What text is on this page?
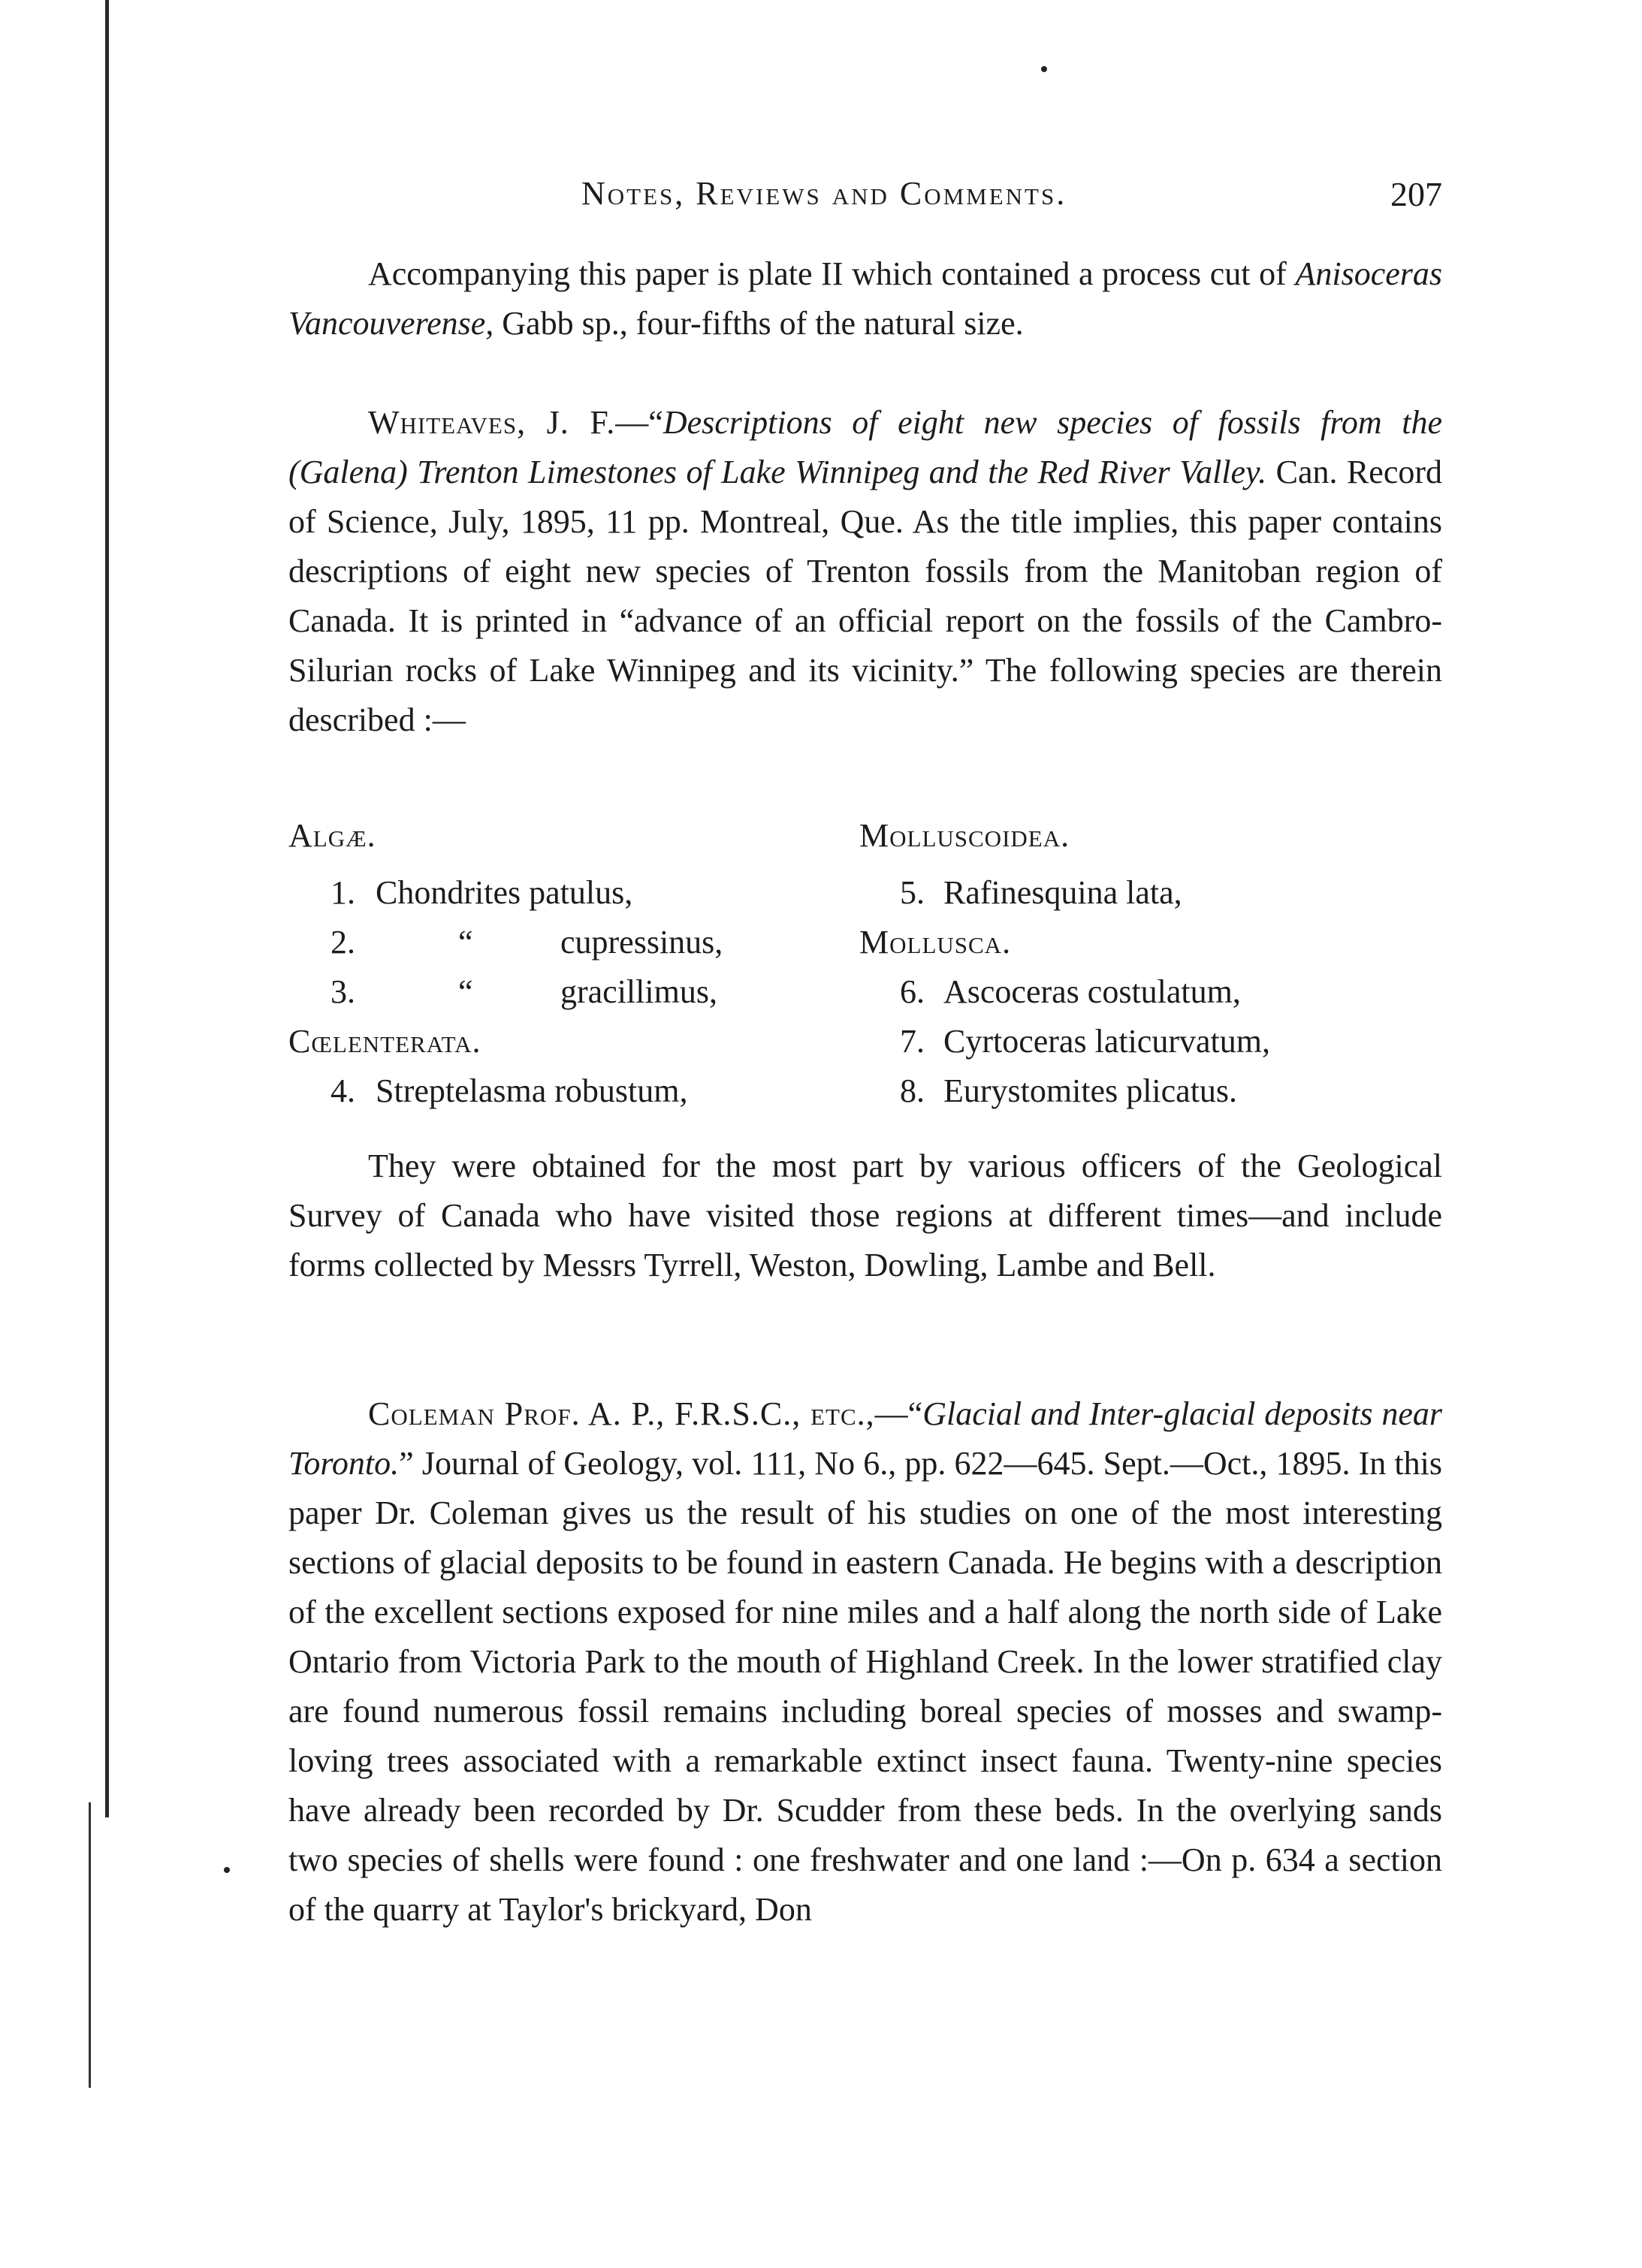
Notes, Reviews and Comments.	207

Accompanying this paper is plate II which contained a process cut of Anisoceras Vancouverense, Gabb sp., four-fifths of the natural size.

Whiteaves, J. F.—“Descriptions of eight new species of fossils from the (Galena) Trenton Limestones of Lake Winnipeg and the Red River Valley. Can. Record of Science, July, 1895, 11 pp. Montreal, Que. As the title implies, this paper contains descriptions of eight new species of Trenton fossils from the Manitoban region of Canada. It is printed in “advance of an official report on the fossils of the Cambro-Silurian rocks of Lake Winnipeg and its vicinity.” The following species are therein described :—

Algæ.
1. Chondrites patulus,
2.	“	cupressinus,
3.	“	gracillimus,
Cœlenterata.
4. Streptelasma robustum,
Molluscoidea.
5. Rafinesquina lata,
Mollusca.
6. Ascoceras costulatum,
7. Cyrtoceras laticurvatum,
8. Eurystomites plicatus.

They were obtained for the most part by various officers of the Geological Survey of Canada who have visited those regions at different times—and include forms collected by Messrs Tyrrell, Weston, Dowling, Lambe and Bell.

Coleman Prof. A. P., F.R.S.C., etc.,—“Glacial and Inter-glacial deposits near Toronto.” Journal of Geology, vol. 111, No 6., pp. 622—645. Sept.—Oct., 1895. In this paper Dr. Coleman gives us the result of his studies on one of the most interesting sections of glacial deposits to be found in eastern Canada. He begins with a description of the excellent sections exposed for nine miles and a half along the north side of Lake Ontario from Victoria Park to the mouth of Highland Creek. In the lower stratified clay are found numerous fossil remains including boreal species of mosses and swamp-loving trees associated with a remarkable extinct insect fauna. Twenty-nine species have already been recorded by Dr. Scudder from these beds. In the overlying sands two species of shells were found : one freshwater and one land :—On p. 634 a section of the quarry at Taylor's brickyard, Don
